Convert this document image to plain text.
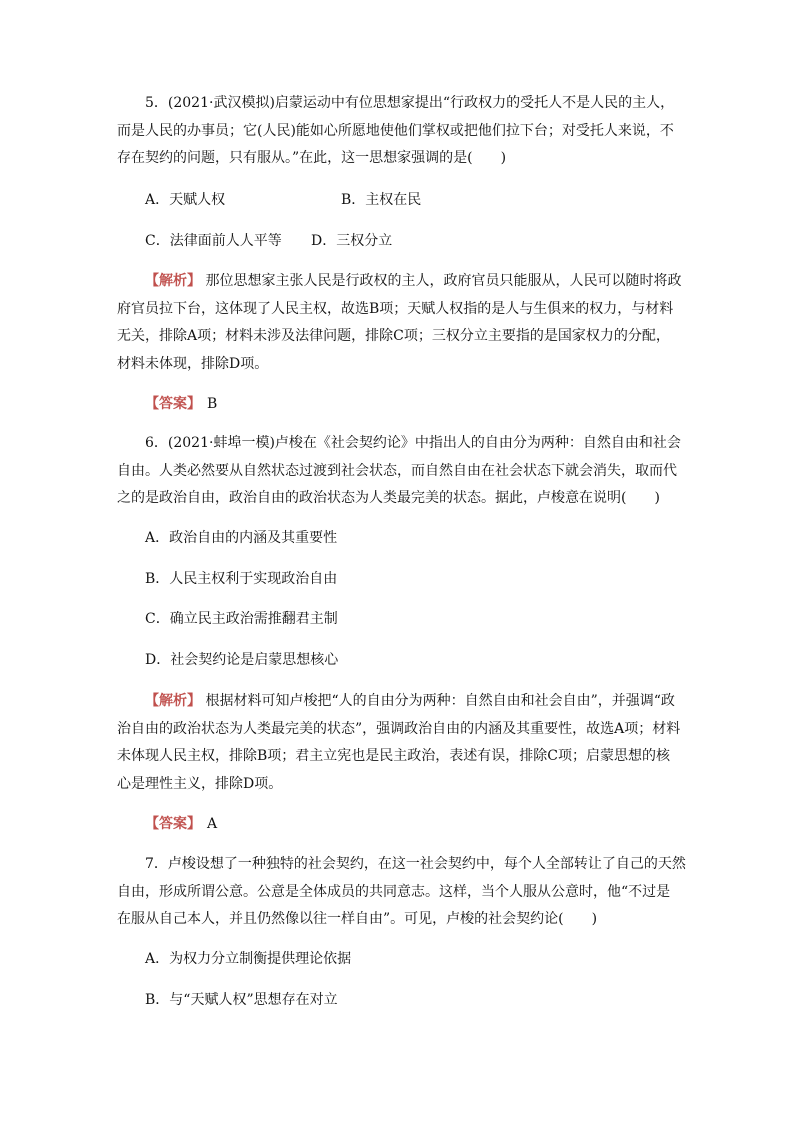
5．(2021·武汉模拟)启蒙运动中有位思想家提出“行政权力的受托人不是人民的主人，
而是人民的办事员；它(人民)能如心所愿地使他们掌权或把他们拉下台；对受托人来说，不
存在契约的问题，只有服从。”在此，这一思想家强调的是(　　)
A．天赋人权	B．主权在民
C．法律面前人人平等 D．三权分立
【解析】 那位思想家主张人民是行政权的主人，政府官员只能服从，人民可以随时将政
府官员拉下台，这体现了人民主权，故选B项；天赋人权指的是人与生俱来的权力，与材料
无关，排除A项；材料未涉及法律问题，排除C项；三权分立主要指的是国家权力的分配，
材料未体现，排除D项。
【答案】 B
6．(2021·蚌埠一模)卢梭在《社会契约论》中指出人的自由分为两种：自然自由和社会
自由。人类必然要从自然状态过渡到社会状态，而自然自由在社会状态下就会消失，取而代
之的是政治自由，政治自由的政治状态为人类最完美的状态。据此，卢梭意在说明(　　)
A．政治自由的内涵及其重要性
B．人民主权利于实现政治自由
C．确立民主政治需推翻君主制
D．社会契约论是启蒙思想核心
【解析】 根据材料可知卢梭把“人的自由分为两种：自然自由和社会自由”，并强调“政
治自由的政治状态为人类最完美的状态”，强调政治自由的内涵及其重要性，故选A项；材料
未体现人民主权，排除B项；君主立宪也是民主政治，表述有误，排除C项；启蒙思想的核
心是理性主义，排除D项。
【答案】 A
7．卢梭设想了一种独特的社会契约，在这一社会契约中，每个人全部转让了自己的天然
自由，形成所谓公意。公意是全体成员的共同意志。这样，当个人服从公意时，他“不过是
在服从自己本人，并且仍然像以往一样自由”。可见，卢梭的社会契约论(　　)
A．为权力分立制衡提供理论依据
B．与“天赋人权”思想存在对立
